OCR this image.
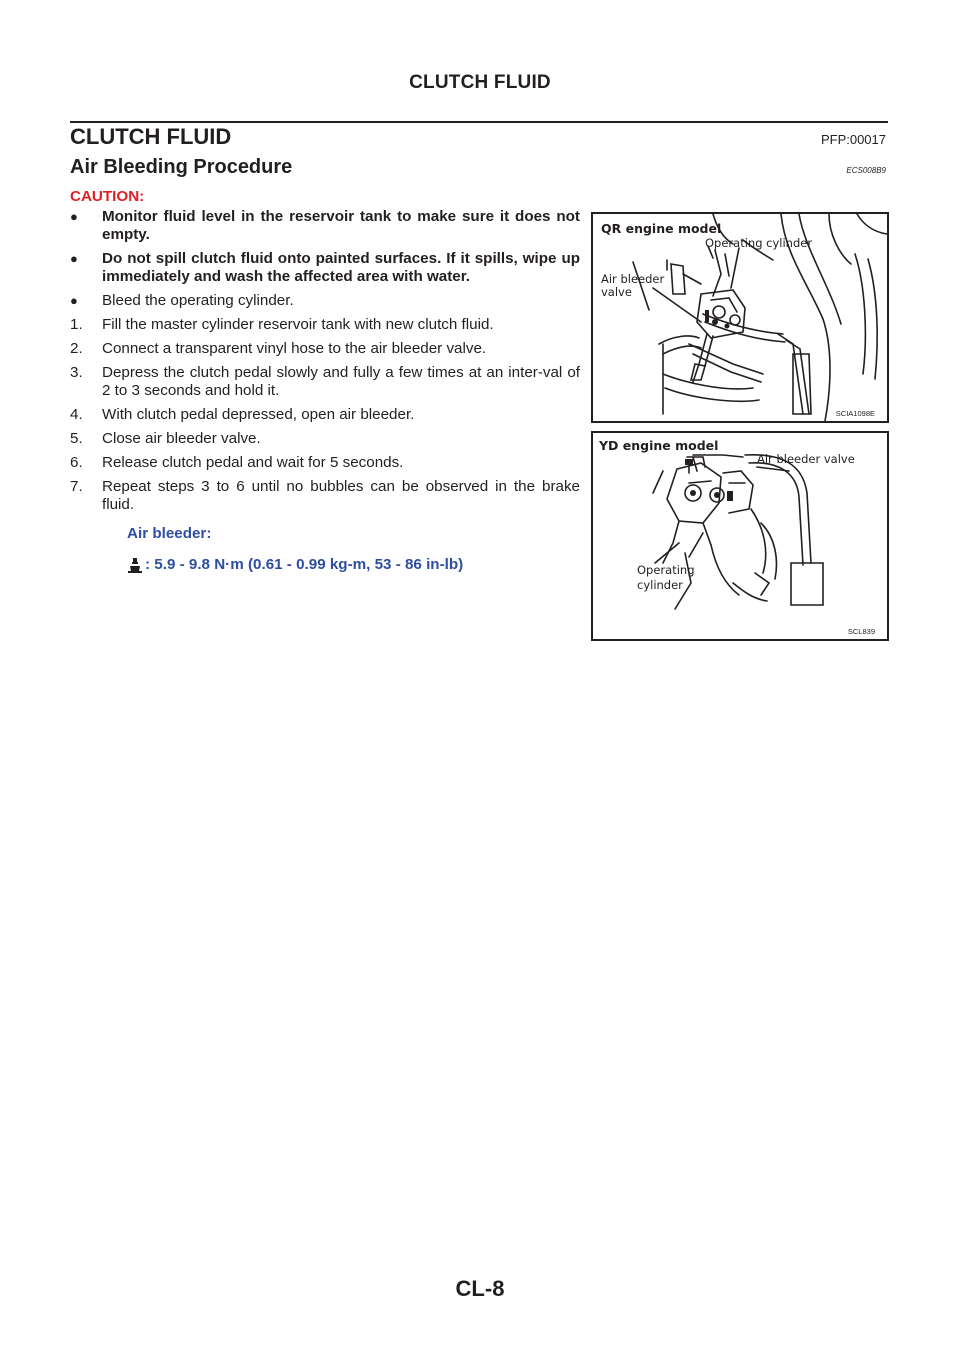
CLUTCH FLUID
CLUTCH FLUID	PFP:00017
Air Bleeding Procedure	ECS008B9
CAUTION:
● Monitor fluid level in the reservoir tank to make sure it does not empty.
● Do not spill clutch fluid onto painted surfaces. If it spills, wipe up immediately and wash the affected area with water.
● Bleed the operating cylinder.
1. Fill the master cylinder reservoir tank with new clutch fluid.
2. Connect a transparent vinyl hose to the air bleeder valve.
3. Depress the clutch pedal slowly and fully a few times at an inter-val of 2 to 3 seconds and hold it.
4. With clutch pedal depressed, open air bleeder.
5. Close air bleeder valve.
6. Release clutch pedal and wait for 5 seconds.
7. Repeat steps 3 to 6 until no bubbles can be observed in the brake fluid.
Air bleeder:
: 5.9 - 9.8 N·m (0.61 - 0.99 kg-m, 53 - 86 in-lb)
QR engine model
Operating cylinder
Air bleeder
valve
SCIA1098E
YD engine model
Air bleeder valve
Operating
cylinder
SCL839
CL-8
